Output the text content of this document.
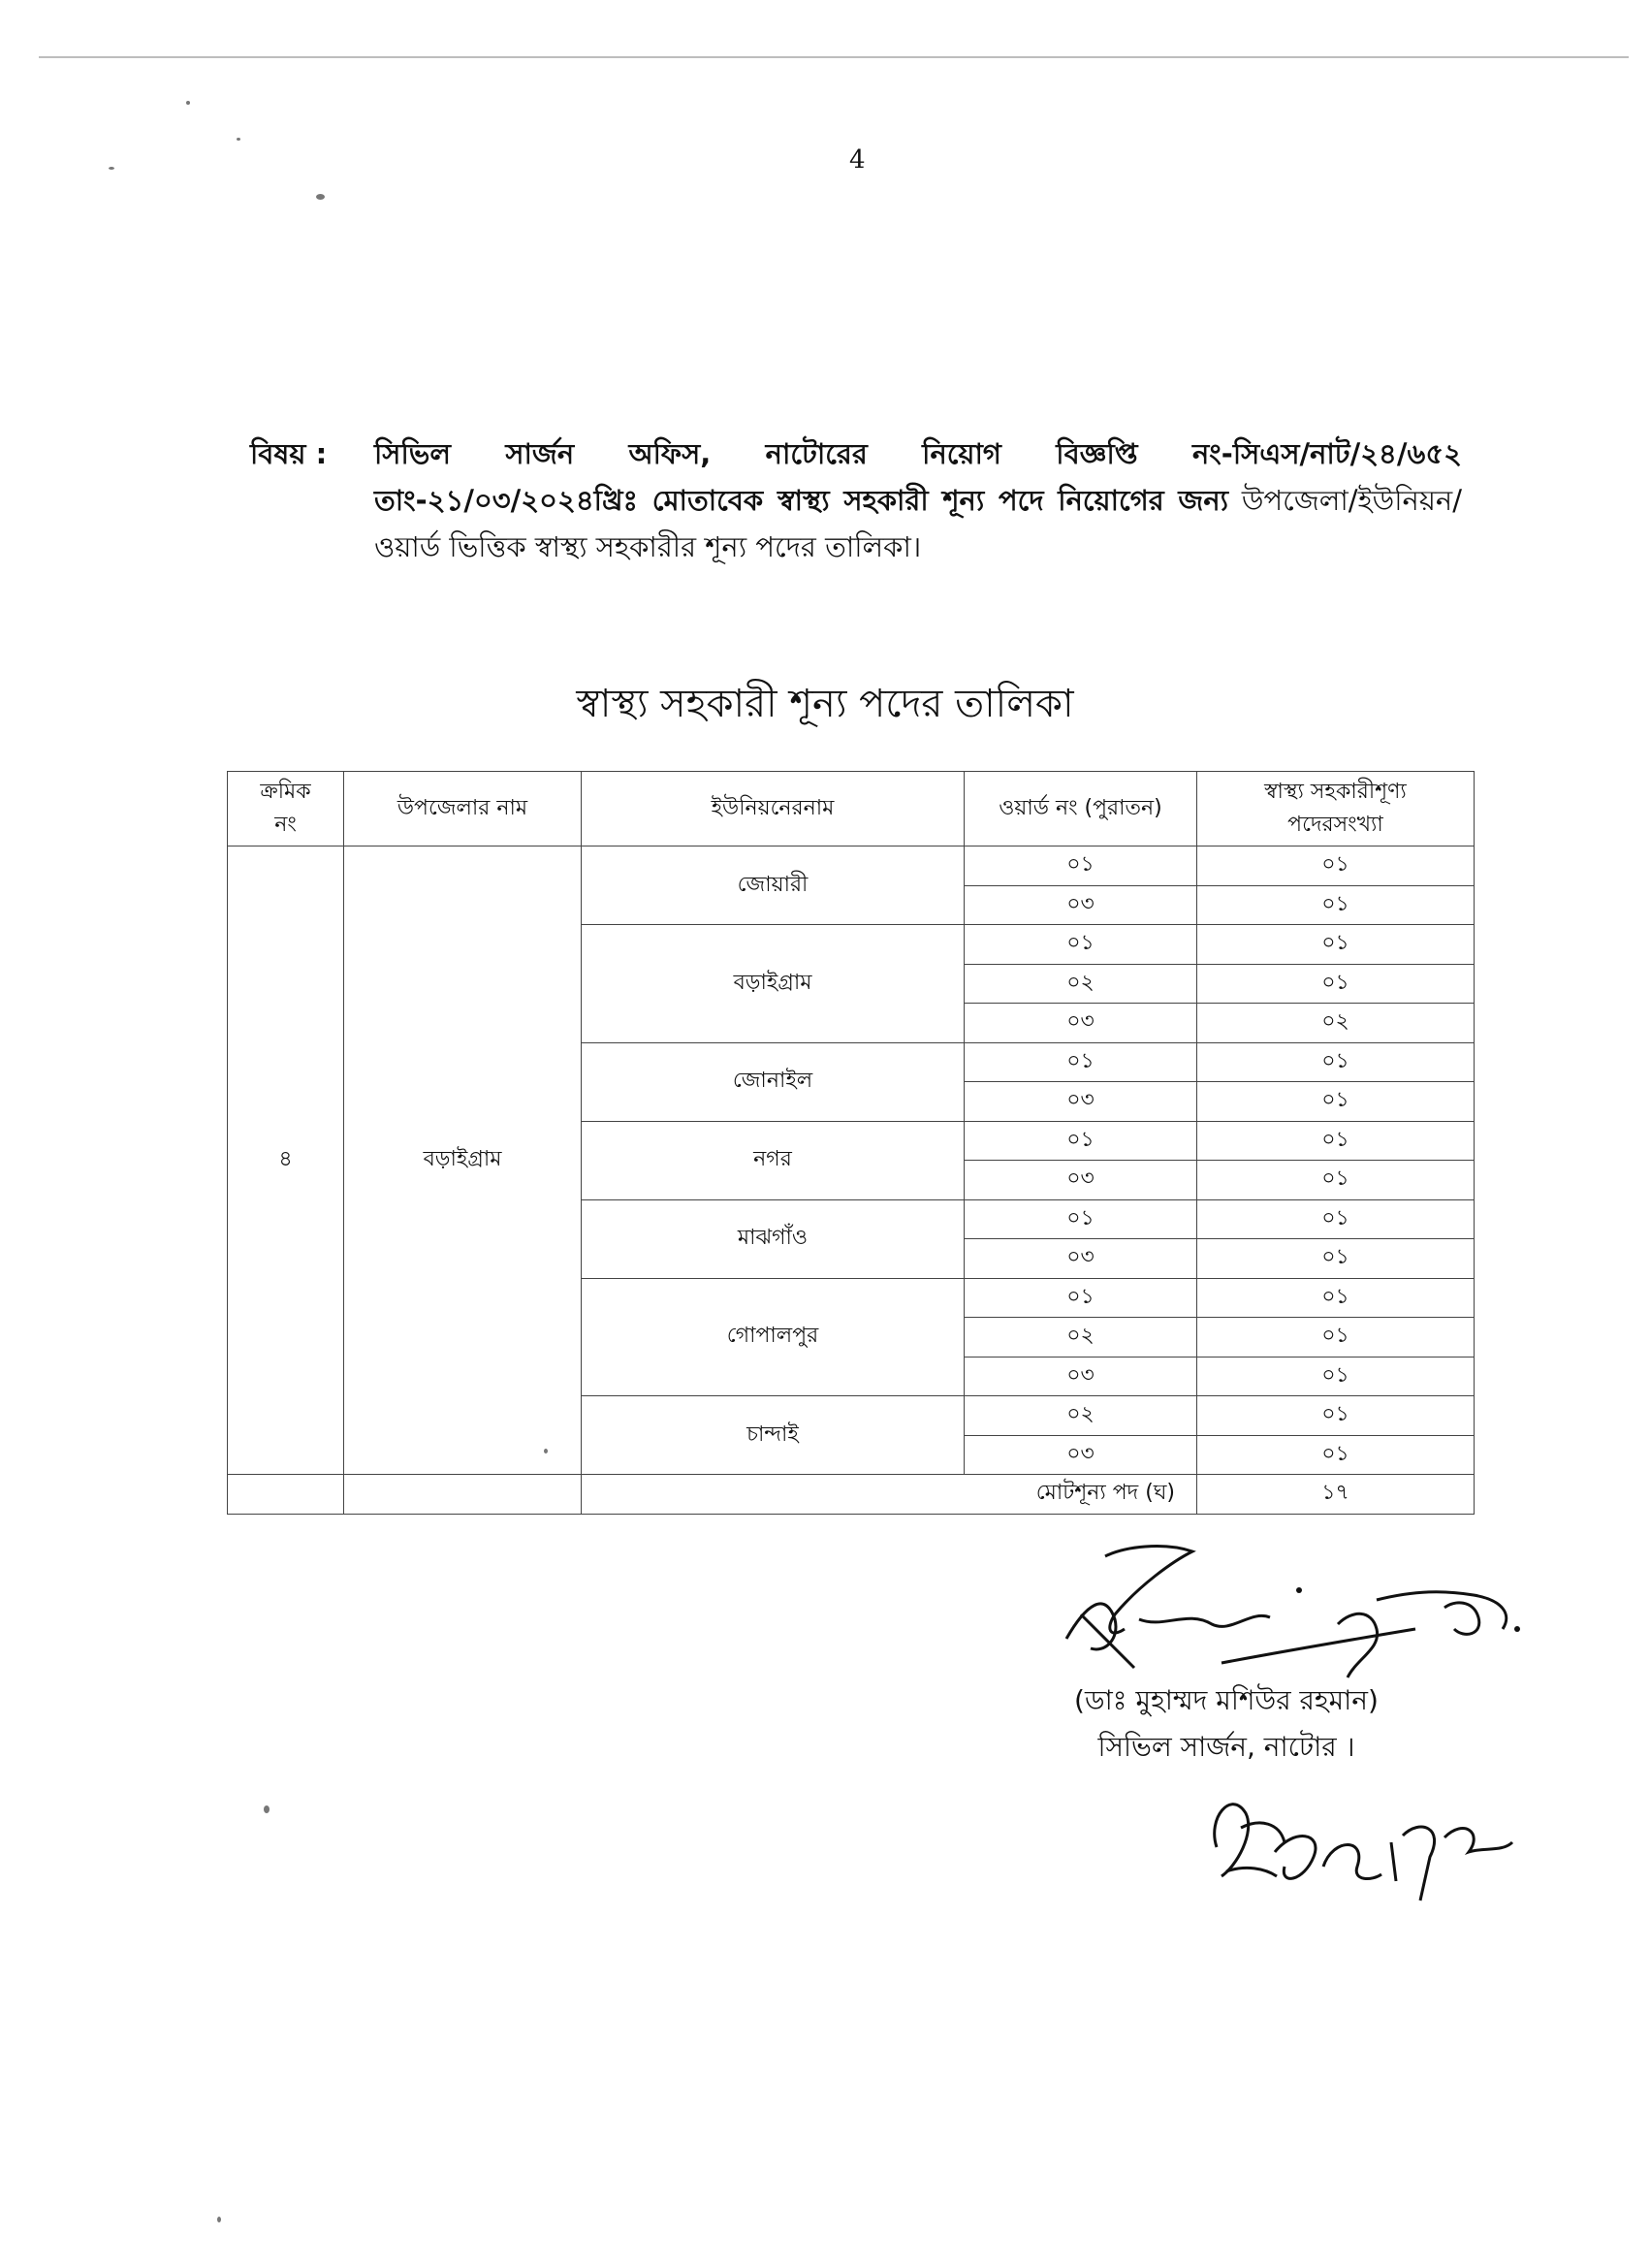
4
বিষয় :	সিভিল সার্জন অফিস, নাটোরের নিয়োগ বিজ্ঞপ্তি নং-সিএস/নাট/২৪/৬৫২ তাং-২১/০৩/২০২৪খ্রিঃ মোতাবেক স্বাস্থ্য সহকারী শূন্য পদে নিয়োগের জন্য উপজেলা/ইউনিয়ন/ওয়ার্ড ভিত্তিক স্বাস্থ্য সহকারীর শূন্য পদের তালিকা।
স্বাস্থ্য সহকারী শূন্য পদের তালিকা
ক্রমিক
নং	উপজেলার নাম	ইউনিয়নেরনাম	ওয়ার্ড নং (পুরাতন)	স্বাস্থ্য সহকারীশূণ্য
পদেরসংখ্যা
৪	বড়াইগ্রাম	জোয়ারী	০১	০১
			০৩	০১
		বড়াইগ্রাম	০১	০১
			০২	০১
			০৩	০২
		জোনাইল	০১	০১
			০৩	০১
		নগর	০১	০১
			০৩	০১
		মাঝগাঁও	০১	০১
			০৩	০১
		গোপালপুর	০১	০১
			০২	০১
			০৩	০১
		চান্দাই	০২	০১
			০৩	০১
		মোটশূন্য পদ (ঘ)		১৭
(ডাঃ মুহাম্মদ মশিউর রহমান)
সিভিল সার্জন, নাটোর ।
